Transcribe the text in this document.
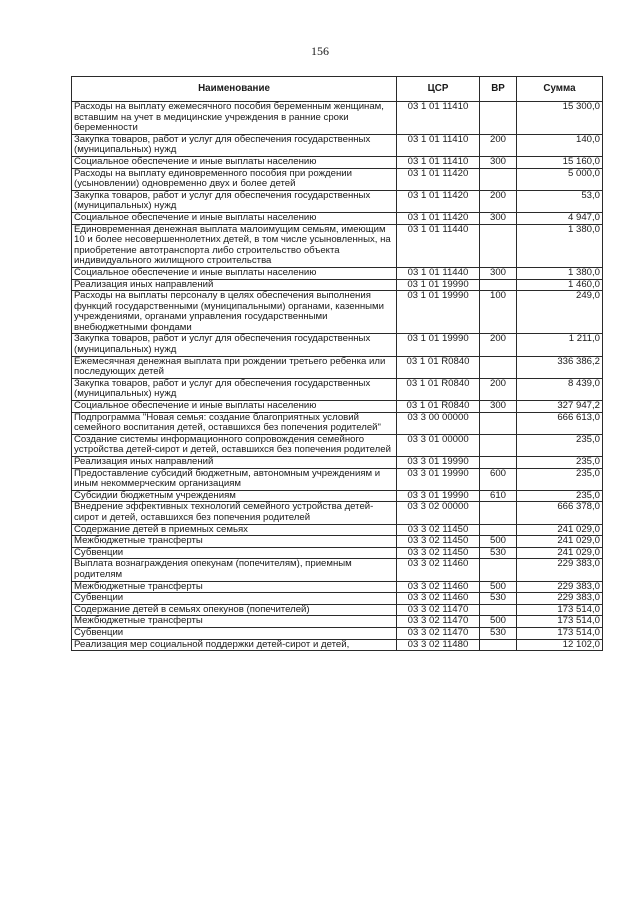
156
Наименование	ЦСР	ВР	Сумма
Расходы на выплату ежемесячного пособия беременным женщинам, вставшим на учет в медицинские учреждения в ранние сроки беременности	03 1 01 11410		15 300,0
Закупка товаров, работ и услуг для обеспечения государственных (муниципальных) нужд	03 1 01 11410	200	140,0
Социальное обеспечение и иные выплаты населению	03 1 01 11410	300	15 160,0
Расходы на выплату единовременного пособия при рождении (усыновлении) одновременно двух и более детей	03 1 01 11420		5 000,0
Закупка товаров, работ и услуг для обеспечения государственных (муниципальных) нужд	03 1 01 11420	200	53,0
Социальное обеспечение и иные выплаты населению	03 1 01 11420	300	4 947,0
Единовременная денежная выплата малоимущим семьям, имеющим 10 и более несовершеннолетних детей, в том числе усыновленных, на приобретение автотранспорта либо строительство объекта индивидуального жилищного строительства	03 1 01 11440		1 380,0
Социальное обеспечение и иные выплаты населению	03 1 01 11440	300	1 380,0
Реализация иных направлений	03 1 01 19990		1 460,0
Расходы на выплаты персоналу в целях обеспечения выполнения функций государственными (муниципальными) органами, казенными учреждениями, органами управления государственными внебюджетными фондами	03 1 01 19990	100	249,0
Закупка товаров, работ и услуг для обеспечения государственных (муниципальных) нужд	03 1 01 19990	200	1 211,0
Ежемесячная денежная выплата при рождении третьего ребенка или последующих детей	03 1 01 R0840		336 386,2
Закупка товаров, работ и услуг для обеспечения государственных (муниципальных) нужд	03 1 01 R0840	200	8 439,0
Социальное обеспечение и иные выплаты населению	03 1 01 R0840	300	327 947,2
Подпрограмма "Новая семья: создание благоприятных условий семейного воспитания детей, оставшихся без попечения родителей"	03 3 00 00000		666 613,0
Создание системы информационного сопровождения семейного устройства детей-сирот и детей, оставшихся без попечения родителей	03 3 01 00000		235,0
Реализация иных направлений	03 3 01 19990		235,0
Предоставление субсидий бюджетным, автономным учреждениям и иным некоммерческим организациям	03 3 01 19990	600	235,0
Субсидии бюджетным учреждениям	03 3 01 19990	610	235,0
Внедрение эффективных технологий семейного устройства детей-сирот и детей, оставшихся без попечения родителей	03 3 02 00000		666 378,0
Содержание детей в приемных семьях	03 3 02 11450		241 029,0
Межбюджетные трансферты	03 3 02 11450	500	241 029,0
Субвенции	03 3 02 11450	530	241 029,0
Выплата вознаграждения опекунам (попечителям), приемным родителям	03 3 02 11460		229 383,0
Межбюджетные трансферты	03 3 02 11460	500	229 383,0
Субвенции	03 3 02 11460	530	229 383,0
Содержание детей в семьях опекунов (попечителей)	03 3 02 11470		173 514,0
Межбюджетные трансферты	03 3 02 11470	500	173 514,0
Субвенции	03 3 02 11470	530	173 514,0
Реализация мер социальной поддержки детей-сирот и детей,	03 3 02 11480		12 102,0
